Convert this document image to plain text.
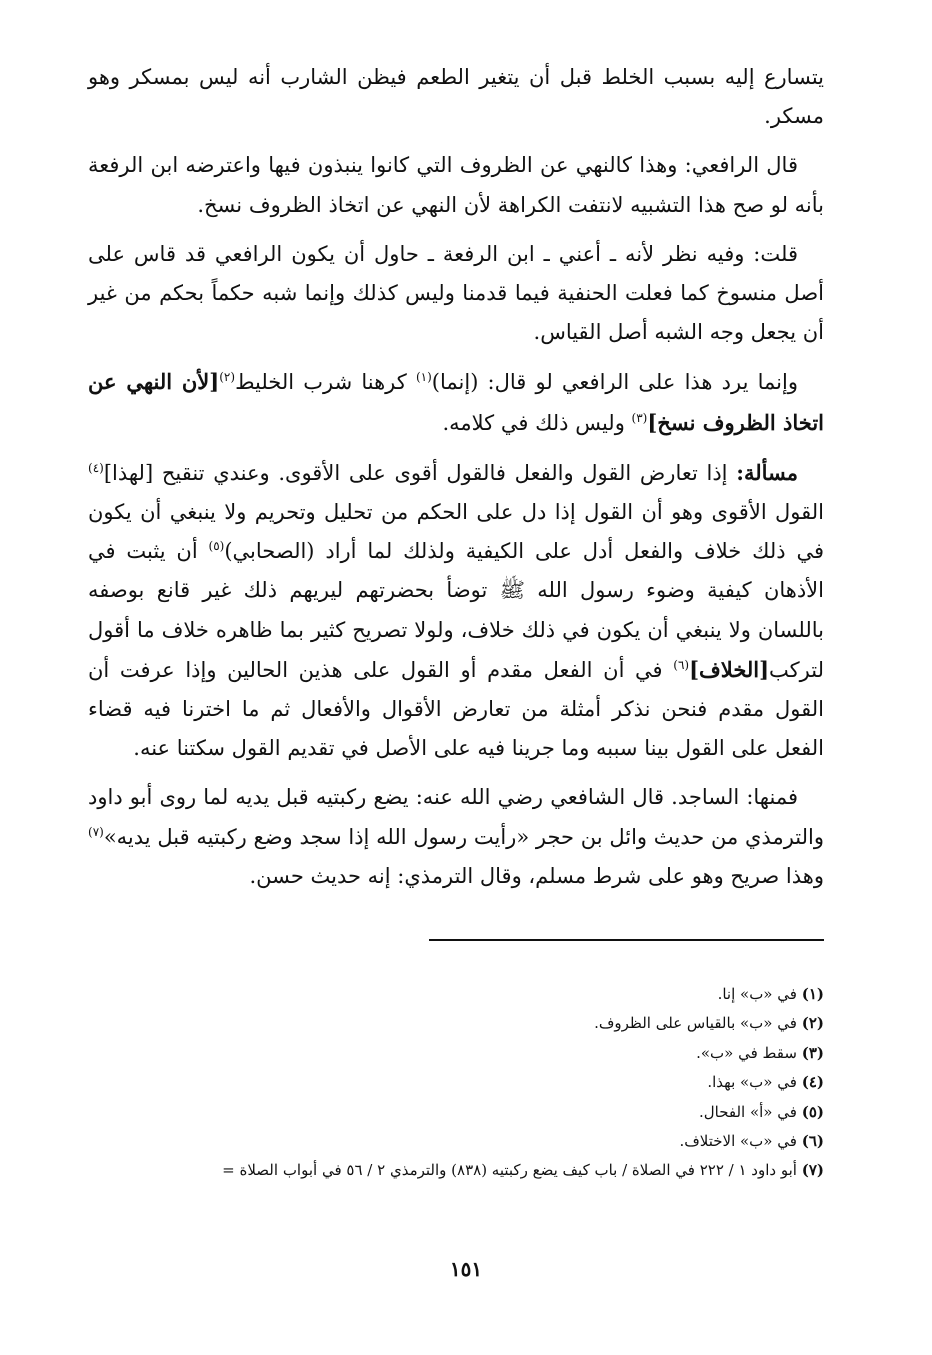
يتسارع إليه بسبب الخلط قبل أن يتغير الطعم فيظن الشارب أنه ليس بمسكر وهو مسكر.

قال الرافعي: وهذا كالنهي عن الظروف التي كانوا ينبذون فيها واعترضه ابن الرفعة بأنه لو صح هذا التشبيه لانتفت الكراهة لأن النهي عن اتخاذ الظروف نسخ.

قلت: وفيه نظر لأنه ـ أعني ـ ابن الرفعة ـ حاول أن يكون الرافعي قد قاس على أصل منسوخ كما فعلت الحنفية فيما قدمنا وليس كذلك وإنما شبه حكماً بحكم من غير أن يجعل وجه الشبه أصل القياس.

وإنما يرد هذا على الرافعي لو قال: (إنما)$^{(١)}$ كرهنا شرب الخليط$^{(٢)}$[لأن النهي عن اتخاذ الظروف نسخ]$^{(٣)}$ وليس ذلك في كلامه.

مسألة: إذا تعارض القول والفعل فالقول أقوى على الأقوى. وعندي تنقيح [لهذا]$^{(٤)}$ القول الأقوى وهو أن القول إذا دل على الحكم من تحليل وتحريم ولا ينبغي أن يكون في ذلك خلاف والفعل أدل على الكيفية ولذلك لما أراد (الصحابي)$^{(٥)}$ أن يثبت في الأذهان كيفية وضوء رسول الله ﷺ توضأ بحضرتهم ليريهم ذلك غير قانع بوصفه باللسان ولا ينبغي أن يكون في ذلك خلاف، ولولا تصريح كثير بما ظاهره خلاف ما أقول لتركب[الخلاف]$^{(٦)}$ في أن الفعل مقدم أو القول على هذين الحالين وإذا عرفت أن القول مقدم فنحن نذكر أمثلة من تعارض الأقوال والأفعال ثم ما اخترنا فيه قضاء الفعل على القول بينا سببه وما جرينا فيه على الأصل في تقديم القول سكتنا عنه.

فمنها: الساجد. قال الشافعي رضي الله عنه: يضع ركبتيه قبل يديه لما روى أبو داود والترمذي من حديث وائل بن حجر «رأيت رسول الله إذا سجد وضع ركبتيه قبل يديه»$^{(٧)}$ وهذا صريح وهو على شرط مسلم، وقال الترمذي: إنه حديث حسن.

(١) في «ب» إنا.
(٢) في «ب» بالقياس على الظروف.
(٣) سقط في «ب».
(٤) في «ب» بهذا.
(٥) في «أ» الفحال.
(٦) في «ب» الاختلاف.
(٧) أبو داود ١ / ٢٢٢ في الصلاة / باب كيف يضع ركبتيه (٨٣٨) والترمذي ٢ / ٥٦ في أبواب الصلاة =
١٥١
